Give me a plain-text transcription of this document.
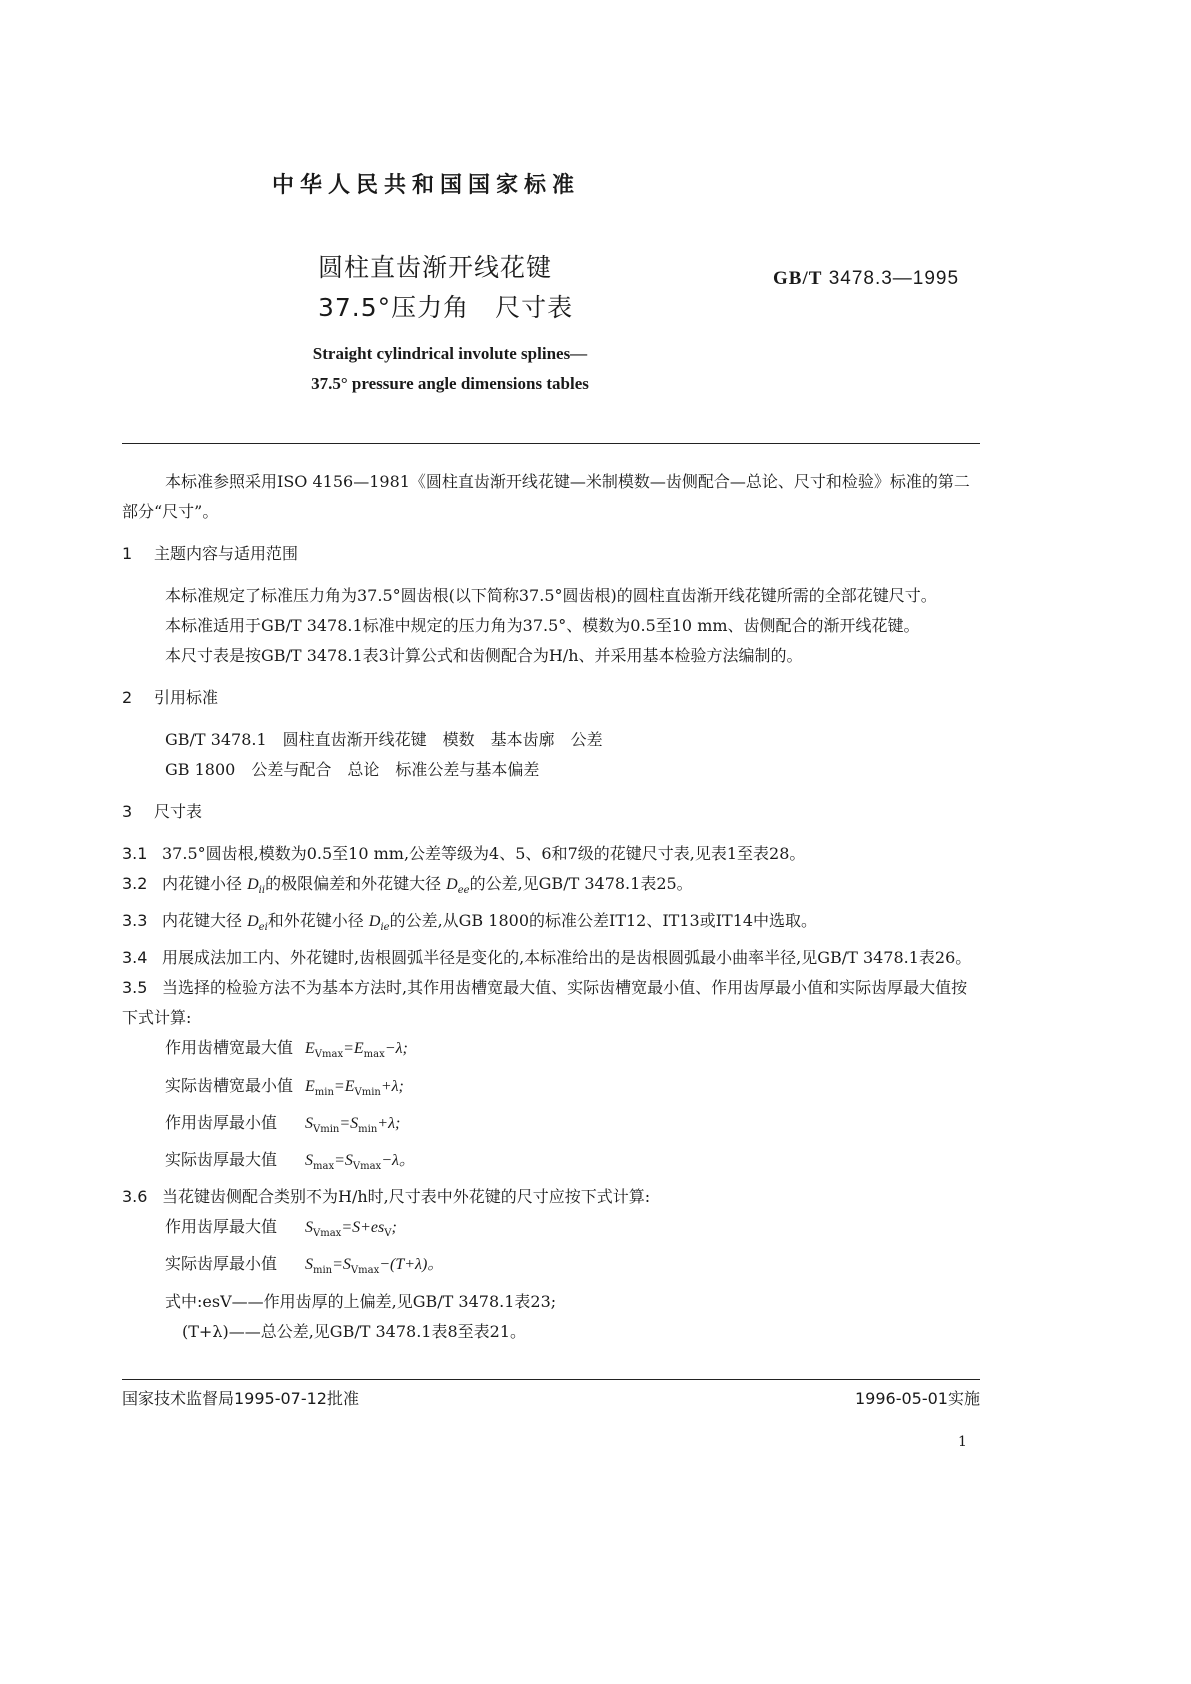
中华人民共和国国家标准
圆柱直齿渐开线花键
37.5°压力角　尺寸表
GB/T 3478.3—1995
Straight cylindrical involute splines—
37.5° pressure angle dimensions tables

本标准参照采用ISO 4156—1981《圆柱直齿渐开线花键—米制模数—齿侧配合—总论、尺寸和检验》标准的第二部分“尺寸”。

1 主题内容与适用范围

本标准规定了标准压力角为37.5°圆齿根(以下简称37.5°圆齿根)的圆柱直齿渐开线花键所需的全部花键尺寸。

本标准适用于GB/T 3478.1标准中规定的压力角为37.5°、模数为0.5至10 mm、齿侧配合的渐开线花键。

本尺寸表是按GB/T 3478.1表3计算公式和齿侧配合为H/h、并采用基本检验方法编制的。

2 引用标准

GB/T 3478.1　圆柱直齿渐开线花键　模数　基本齿廓　公差

GB 1800　公差与配合　总论　标准公差与基本偏差

3 尺寸表
3.1 37.5°圆齿根,模数为0.5至10 mm,公差等级为4、5、6和7级的花键尺寸表,见表1至表28。
3.2 内花键小径 $D_{ii}$的极限偏差和外花键大径 $D_{ee}$的公差,见GB/T 3478.1表25。
3.3 内花键大径 $D_{ei}$和外花键小径 $D_{ie}$的公差,从GB 1800的标准公差IT12、IT13或IT14中选取。

3.4 用展成法加工内、外花键时,齿根圆弧半径是变化的,本标准给出的是齿根圆弧最小曲率半径,见GB/T 3478.1表26。

3.5 当选择的检验方法不为基本方法时,其作用齿槽宽最大值、实际齿槽宽最小值、作用齿厚最小值和实际齿厚最大值按下式计算:

作用齿槽宽最大值 $E_{Vmax}=E_{max}-\lambda$;

实际齿槽宽最小值 $E_{min}=E_{Vmin}+\lambda$;

作用齿厚最小值 $S_{Vmin}=S_{min}+\lambda$;

实际齿厚最大值 $S_{max}=S_{Vmax}-\lambda$。

3.6 当花键齿侧配合类别不为H/h时,尺寸表中外花键的尺寸应按下式计算:

作用齿厚最大值 $S_{Vmax}=S+es_V$;

实际齿厚最小值 $S_{min}=S_{Vmax}-(T+\lambda)$。

式中:esV——作用齿厚的上偏差,见GB/T 3478.1表23;

(T+λ)——总公差,见GB/T 3478.1表8至表21。

国家技术监督局1995-07-12批准	1996-05-01实施
1
